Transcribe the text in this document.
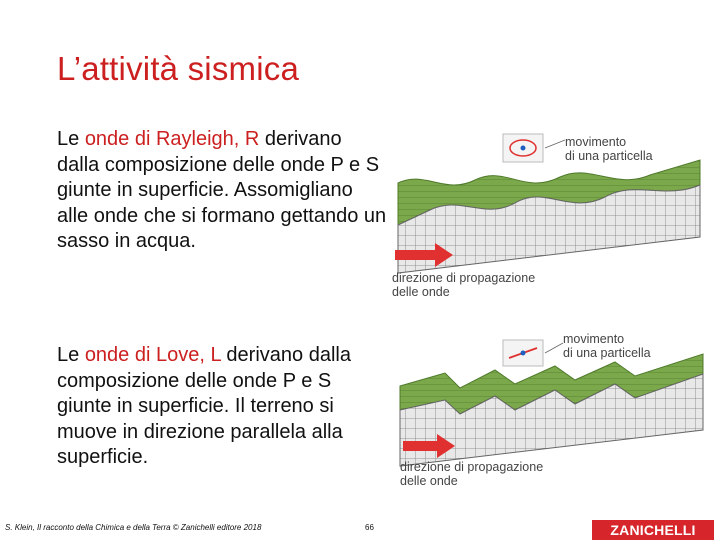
L’attività sismica
Le onde di Rayleigh, R derivano dalla composizione delle onde P e S giunte in superficie. Assomigliano alle onde che si formano gettando un sasso in acqua.
Le onde di Love, L derivano dalla composizione delle onde P e S giunte in superficie. Il terreno si muove in direzione parallela alla superficie.
movimento
di una particella
direzione di propagazione
delle onde
movimento
di una particella
direzione di propagazione
delle onde
S. Klein, Il racconto della Chimica e della Terra © Zanichelli editore 2018	66	ZANICHELLI
